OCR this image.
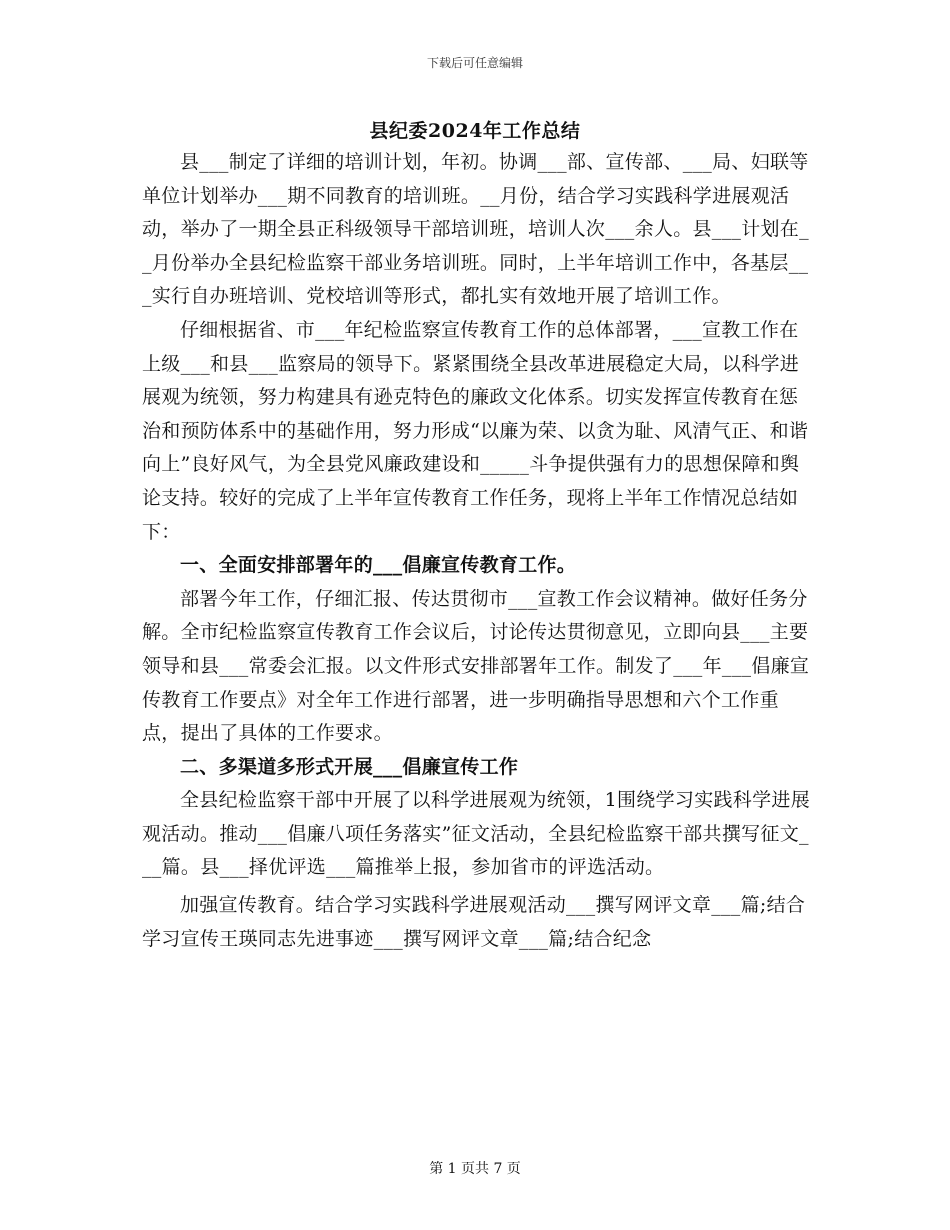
下载后可任意编辑
县纪委2024年工作总结

县___制定了详细的培训计划，年初。协调___部、宣传部、___局、妇联等单位计划举办___期不同教育的培训班。__月份，结合学习实践科学进展观活动，举办了一期全县正科级领导干部培训班，培训人次___余人。县___计划在__月份举办全县纪检监察干部业务培训班。同时，上半年培训工作中，各基层___实行自办班培训、党校培训等形式，都扎实有效地开展了培训工作。

仔细根据省、市___年纪检监察宣传教育工作的总体部署，___宣教工作在上级___和县___监察局的领导下。紧紧围绕全县改革进展稳定大局，以科学进展观为统领，努力构建具有逊克特色的廉政文化体系。切实发挥宣传教育在惩治和预防体系中的基础作用，努力形成“以廉为荣、以贪为耻、风清气正、和谐向上”良好风气，为全县党风廉政建设和_____斗争提供强有力的思想保障和舆论支持。较好的完成了上半年宣传教育工作任务，现将上半年工作情况总结如下：

一、全面安排部署年的___倡廉宣传教育工作。

部署今年工作，仔细汇报、传达贯彻市___宣教工作会议精神。做好任务分解。全市纪检监察宣传教育工作会议后，讨论传达贯彻意见，立即向县___主要领导和县___常委会汇报。以文件形式安排部署年工作。制发了___年___倡廉宣传教育工作要点》对全年工作进行部署，进一步明确指导思想和六个工作重点，提出了具体的工作要求。

二、多渠道多形式开展___倡廉宣传工作

全县纪检监察干部中开展了以科学进展观为统领，1围绕学习实践科学进展观活动。推动___倡廉八项任务落实”征文活动，全县纪检监察干部共撰写征文___篇。县___择优评选___篇推举上报，参加省市的评选活动。

加强宣传教育。结合学习实践科学进展观活动___撰写网评文章___篇;结合学习宣传王瑛同志先进事迹___撰写网评文章___篇;结合纪念

第 1 页共 7 页
